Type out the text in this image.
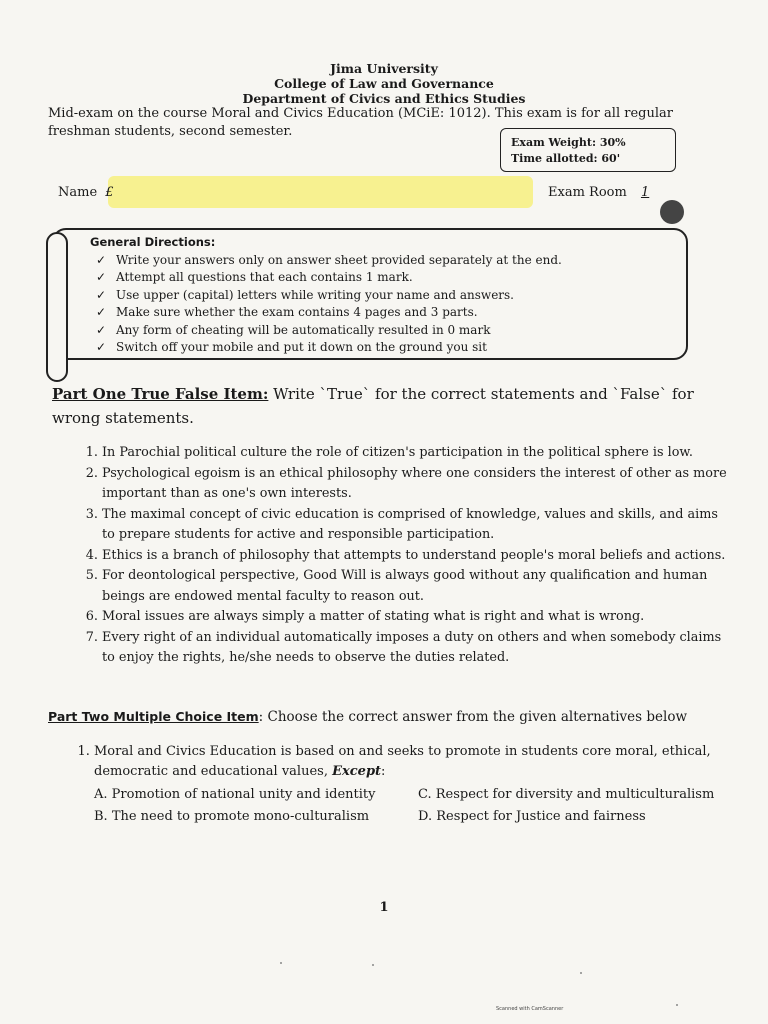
Jima University
College of Law and Governance
Department of Civics and Ethics Studies
Mid-exam on the course Moral and Civics Education (MCiE: 1012). This exam is for all regular freshman students, second semester.
Exam Weight: 30%
Time allotted: 60'
Name £	Exam Room 1
General Directions:
✓ Write your answers only on answer sheet provided separately at the end.
✓ Attempt all questions that each contains 1 mark.
✓ Use upper (capital) letters while writing your name and answers.
✓ Make sure whether the exam contains 4 pages and 3 parts.
✓ Any form of cheating will be automatically resulted in 0 mark
✓ Switch off your mobile and put it down on the ground you sit
Part One True False Item: Write `True` for the correct statements and `False` for wrong statements.
1. In Parochial political culture the role of citizen's participation in the political sphere is low.
2. Psychological egoism is an ethical philosophy where one considers the interest of other as more important than as one's own interests.
3. The maximal concept of civic education is comprised of knowledge, values and skills, and aims to prepare students for active and responsible participation.
4. Ethics is a branch of philosophy that attempts to understand people's moral beliefs and actions.
5. For deontological perspective, Good Will is always good without any qualification and human beings are endowed mental faculty to reason out.
6. Moral issues are always simply a matter of stating what is right and what is wrong.
7. Every right of an individual automatically imposes a duty on others and when somebody claims to enjoy the rights, he/she needs to observe the duties related.
Part Two Multiple Choice Item: Choose the correct answer from the given alternatives below
1. Moral and Civics Education is based on and seeks to promote in students core moral, ethical, democratic and educational values, Except:
A. Promotion of national unity and identity	C. Respect for diversity and multiculturalism
B. The need to promote mono-culturalism	D. Respect for Justice and fairness
1
Scanned with CamScanner
